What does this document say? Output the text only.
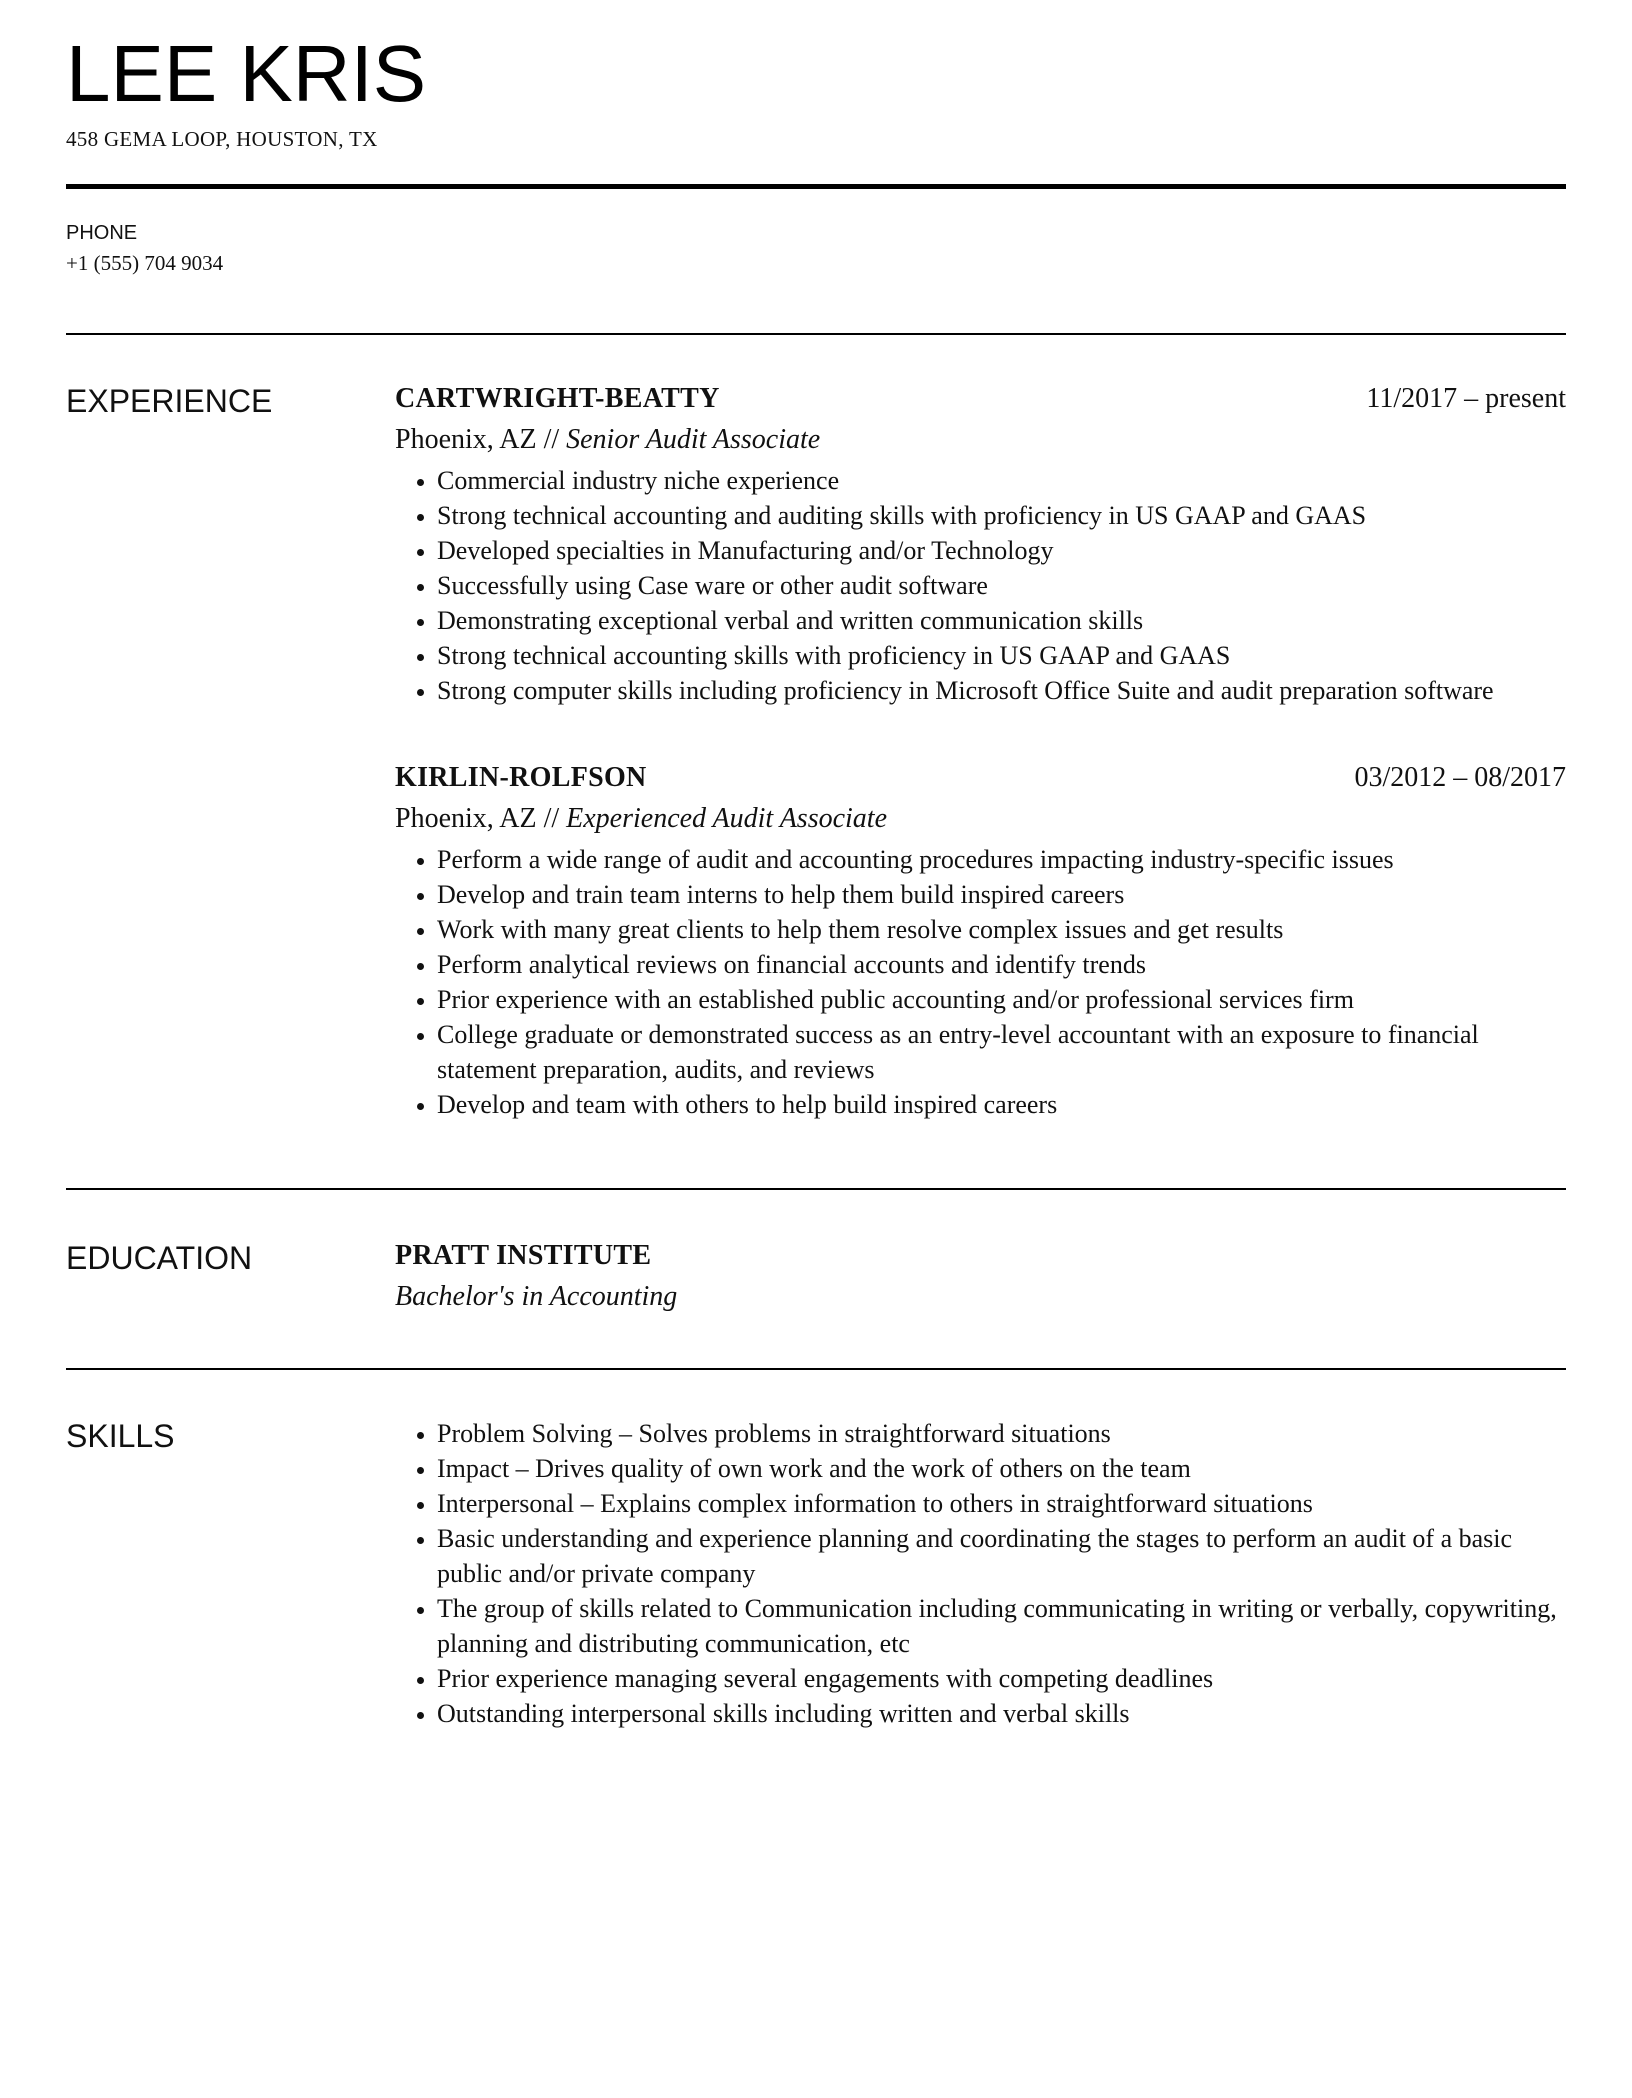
LEE KRIS
458 GEMA LOOP, HOUSTON, TX
PHONE
+1 (555) 704 9034
EXPERIENCE	CARTWRIGHT-BEATTY	11/2017 – present
Phoenix, AZ // Senior Audit Associate
• Commercial industry niche experience
• Strong technical accounting and auditing skills with proficiency in US GAAP and GAAS
• Developed specialties in Manufacturing and/or Technology
• Successfully using Case ware or other audit software
• Demonstrating exceptional verbal and written communication skills
• Strong technical accounting skills with proficiency in US GAAP and GAAS
• Strong computer skills including proficiency in Microsoft Office Suite and audit preparation software
KIRLIN-ROLFSON	03/2012 – 08/2017
Phoenix, AZ // Experienced Audit Associate
• Perform a wide range of audit and accounting procedures impacting industry-specific issues
• Develop and train team interns to help them build inspired careers
• Work with many great clients to help them resolve complex issues and get results
• Perform analytical reviews on financial accounts and identify trends
• Prior experience with an established public accounting and/or professional services firm
• College graduate or demonstrated success as an entry-level accountant with an exposure to financial statement preparation, audits, and reviews
• Develop and team with others to help build inspired careers
EDUCATION	PRATT INSTITUTE
Bachelor's in Accounting
SKILLS
•	Problem Solving – Solves problems in straightforward situations
• Impact – Drives quality of own work and the work of others on the team
• Interpersonal – Explains complex information to others in straightforward situations
• Basic understanding and experience planning and coordinating the stages to perform an audit of a basic public and/or private company
• The group of skills related to Communication including communicating in writing or verbally, copywriting, planning and distributing communication, etc
• Prior experience managing several engagements with competing deadlines
• Outstanding interpersonal skills including written and verbal skills
